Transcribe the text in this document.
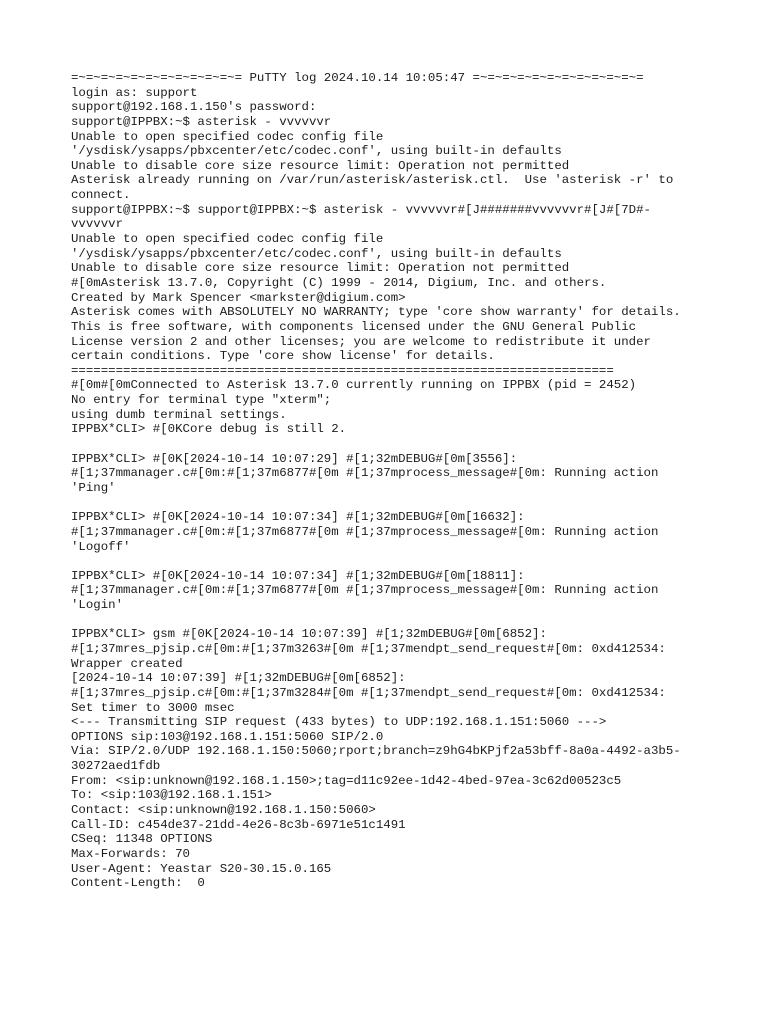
=~=~=~=~=~=~=~=~=~=~=~= PuTTY log 2024.10.14 10:05:47 =~=~=~=~=~=~=~=~=~=~=~=
login as: support
support@192.168.1.150's password:
support@IPPBX:~$ asterisk - vvvvvvr
Unable to open specified codec config file
'/ysdisk/ysapps/pbxcenter/etc/codec.conf', using built-in defaults
Unable to disable core size resource limit: Operation not permitted
Asterisk already running on /var/run/asterisk/asterisk.ctl.  Use 'asterisk -r' to
connect.
support@IPPBX:~$ support@IPPBX:~$ asterisk - vvvvvvr#[J#######vvvvvvr#[J#[7D#-
vvvvvvr
Unable to open specified codec config file
'/ysdisk/ysapps/pbxcenter/etc/codec.conf', using built-in defaults
Unable to disable core size resource limit: Operation not permitted
#[0mAsterisk 13.7.0, Copyright (C) 1999 - 2014, Digium, Inc. and others.
Created by Mark Spencer <markster@digium.com>
Asterisk comes with ABSOLUTELY NO WARRANTY; type 'core show warranty' for details.
This is free software, with components licensed under the GNU General Public
License version 2 and other licenses; you are welcome to redistribute it under
certain conditions. Type 'core show license' for details.
=========================================================================
#[0m#[0mConnected to Asterisk 13.7.0 currently running on IPPBX (pid = 2452)
No entry for terminal type "xterm";
using dumb terminal settings.
IPPBX*CLI> #[0KCore debug is still 2.
IPPBX*CLI> #[0K[2024-10-14 10:07:29] #[1;32mDEBUG#[0m[3556]:
#[1;37mmanager.c#[0m:#[1;37m6877#[0m #[1;37mprocess_message#[0m: Running action
'Ping'
IPPBX*CLI> #[0K[2024-10-14 10:07:34] #[1;32mDEBUG#[0m[16632]:
#[1;37mmanager.c#[0m:#[1;37m6877#[0m #[1;37mprocess_message#[0m: Running action
'Logoff'
IPPBX*CLI> #[0K[2024-10-14 10:07:34] #[1;32mDEBUG#[0m[18811]:
#[1;37mmanager.c#[0m:#[1;37m6877#[0m #[1;37mprocess_message#[0m: Running action
'Login'
IPPBX*CLI> gsm #[0K[2024-10-14 10:07:39] #[1;32mDEBUG#[0m[6852]:
#[1;37mres_pjsip.c#[0m:#[1;37m3263#[0m #[1;37mendpt_send_request#[0m: 0xd412534:
Wrapper created
[2024-10-14 10:07:39] #[1;32mDEBUG#[0m[6852]:
#[1;37mres_pjsip.c#[0m:#[1;37m3284#[0m #[1;37mendpt_send_request#[0m: 0xd412534:
Set timer to 3000 msec
<--- Transmitting SIP request (433 bytes) to UDP:192.168.1.151:5060 --->
OPTIONS sip:103@192.168.1.151:5060 SIP/2.0
Via: SIP/2.0/UDP 192.168.1.150:5060;rport;branch=z9hG4bKPjf2a53bff-8a0a-4492-a3b5-
30272aed1fdb
From: <sip:unknown@192.168.1.150>;tag=d11c92ee-1d42-4bed-97ea-3c62d00523c5
To: <sip:103@192.168.1.151>
Contact: <sip:unknown@192.168.1.150:5060>
Call-ID: c454de37-21dd-4e26-8c3b-6971e51c1491
CSeq: 11348 OPTIONS
Max-Forwards: 70
User-Agent: Yeastar S20-30.15.0.165
Content-Length:  0
